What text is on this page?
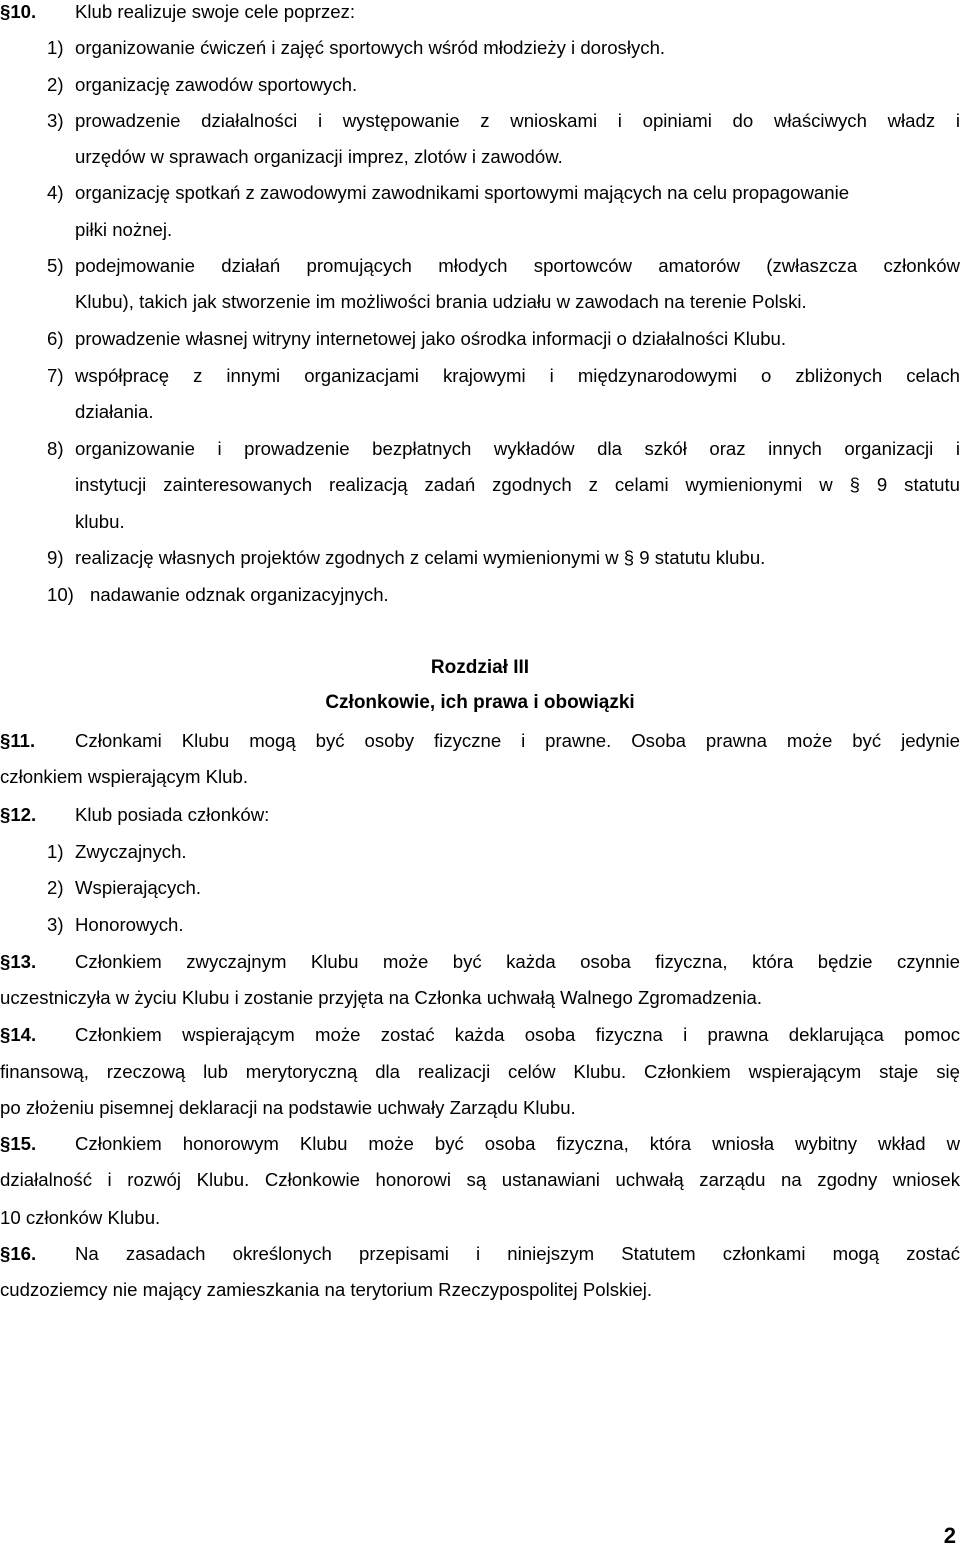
§10. Klub realizuje swoje cele poprzez:
1) organizowanie ćwiczeń i zajęć sportowych wśród młodzieży i dorosłych.
2) organizację zawodów sportowych.
3) prowadzenie działalności i występowanie z wnioskami i opiniami do właściwych władz i
urzędów w sprawach organizacji imprez, zlotów i zawodów.
4) organizację spotkań z zawodowymi zawodnikami sportowymi mających na celu propagowanie
piłki nożnej.
5) podejmowanie działań promujących młodych sportowców amatorów (zwłaszcza członków
Klubu), takich jak stworzenie im możliwości brania udziału w zawodach na terenie Polski.
6) prowadzenie własnej witryny internetowej jako ośrodka informacji o działalności Klubu.
7) współpracę z innymi organizacjami krajowymi i międzynarodowymi o zbliżonych celach
działania.
8) organizowanie i prowadzenie bezpłatnych wykładów dla szkół oraz innych organizacji i
instytucji zainteresowanych realizacją zadań zgodnych z celami wymienionymi w § 9 statutu
klubu.
9) realizację własnych projektów zgodnych z celami wymienionymi w § 9 statutu klubu.
10) nadawanie odznak organizacyjnych.
Rozdział III
Członkowie, ich prawa i obowiązki
§11. Członkami Klubu mogą być osoby fizyczne i prawne. Osoba prawna może być jedynie
członkiem wspierającym Klub.
§12. Klub posiada członków:
1) Zwyczajnych.
2) Wspierających.
3) Honorowych.
§13. Członkiem zwyczajnym Klubu może być każda osoba fizyczna, która będzie czynnie
uczestniczyła w życiu Klubu i zostanie przyjęta na Członka uchwałą Walnego Zgromadzenia.
§14. Członkiem wspierającym może zostać każda osoba fizyczna i prawna deklarująca pomoc
finansową, rzeczową lub merytoryczną dla realizacji celów Klubu. Członkiem wspierającym staje się
po złożeniu pisemnej deklaracji na podstawie uchwały Zarządu Klubu.
§15. Członkiem honorowym Klubu może być osoba fizyczna, która wniosła wybitny wkład w
działalność i rozwój Klubu. Członkowie honorowi są ustanawiani uchwałą zarządu na zgodny wniosek
10 członków Klubu.
§16. Na zasadach określonych przepisami i niniejszym Statutem członkami mogą zostać
cudzoziemcy nie mający zamieszkania na terytorium Rzeczypospolitej Polskiej.
2
